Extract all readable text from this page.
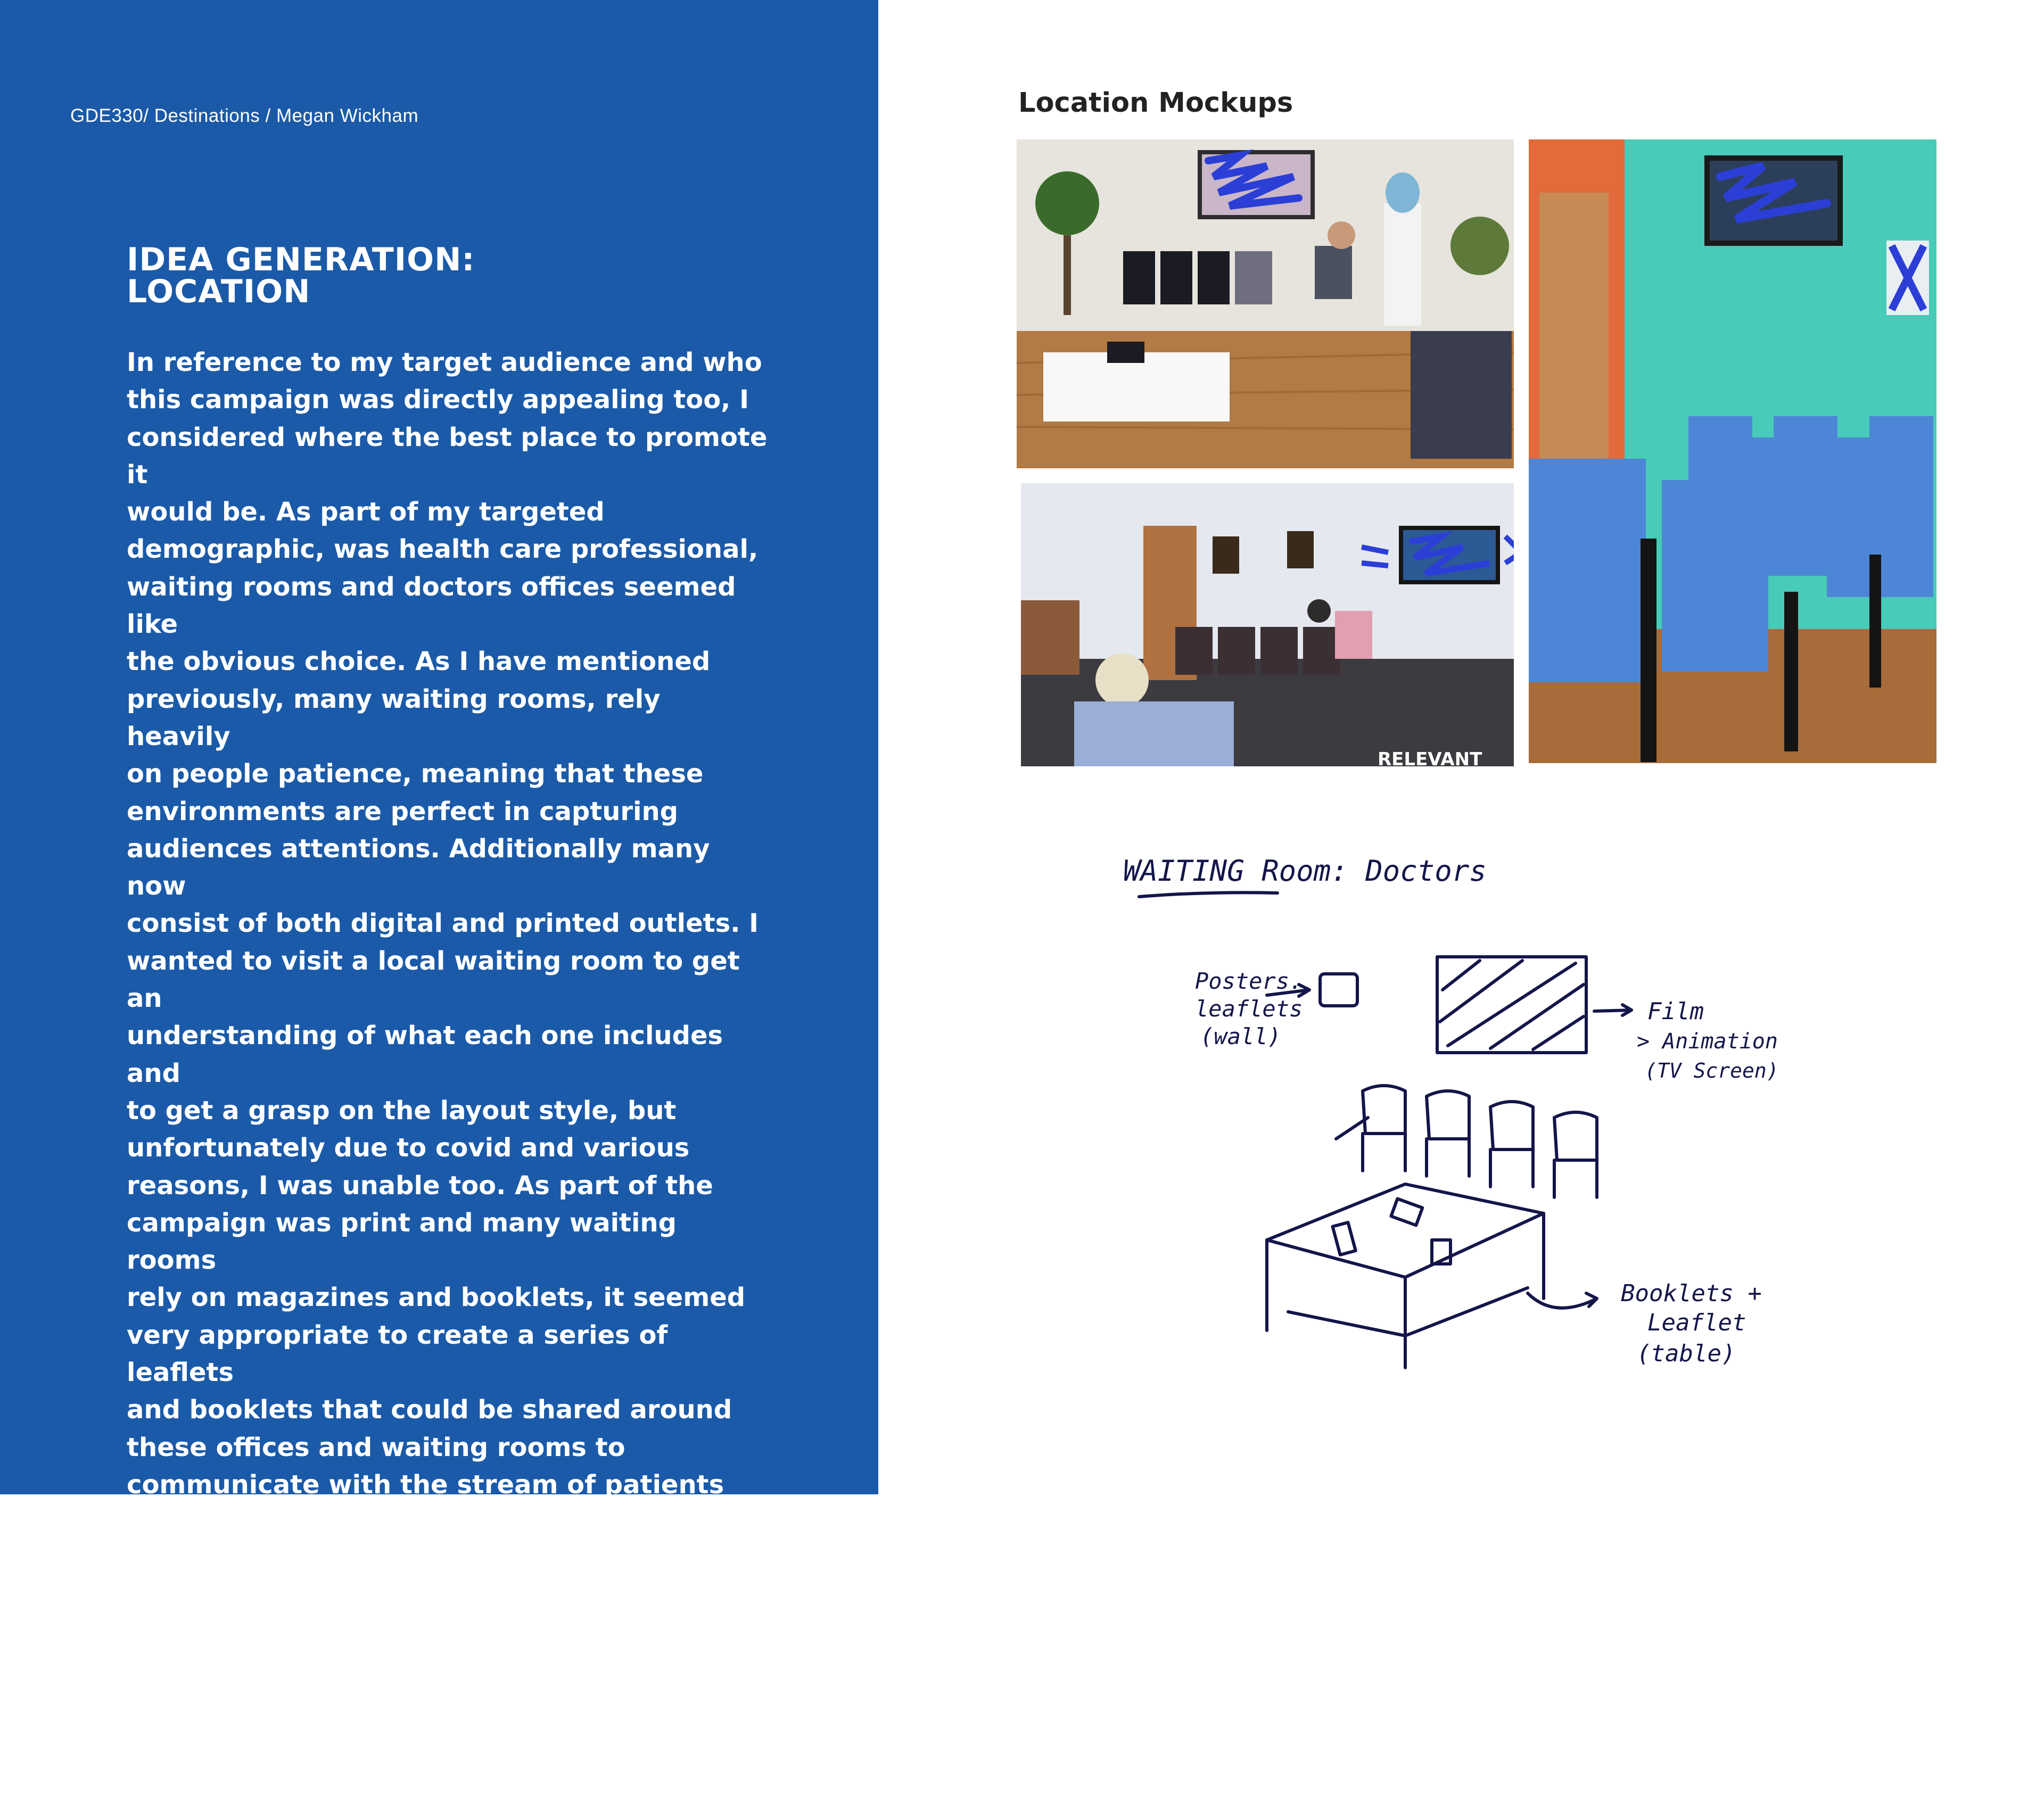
GDE330/ Destinations / Megan Wickham
IDEA GENERATION:
LOCATION
In reference to my target audience and who
this campaign was directly appealing too, I
considered where the best place to promote it
would be. As part of my targeted
demographic, was health care professional,
waiting rooms and doctors offices seemed like
the obvious choice. As I have mentioned
previously, many waiting rooms, rely heavily
on people patience, meaning that these
environments are perfect in capturing
audiences attentions. Additionally many now
consist of both digital and printed outlets. I
wanted to visit a local waiting room to get an
understanding of what each one includes and
to get a grasp on the layout style, but
unfortunately due to covid and various
reasons, I was unable too. As part of the
campaign was print and many waiting rooms
rely on magazines and booklets, it seemed
very appropriate to create a series of leaflets
and booklets that could be shared around
these offices and waiting rooms to
communicate with the stream of patients and
doctors. The motion graphic would be shown
on the TVs within the offices, however, if this
wasn’t compatible with the environment, all
of the relevant information would be on
printed outcomes
Location Mockups
RELEVANT
WAITING Room: Doctors
Posters.
leaflets
(wall)
Film
> Animation
(TV Screen)
Booklets +
Leaflet
(table)
